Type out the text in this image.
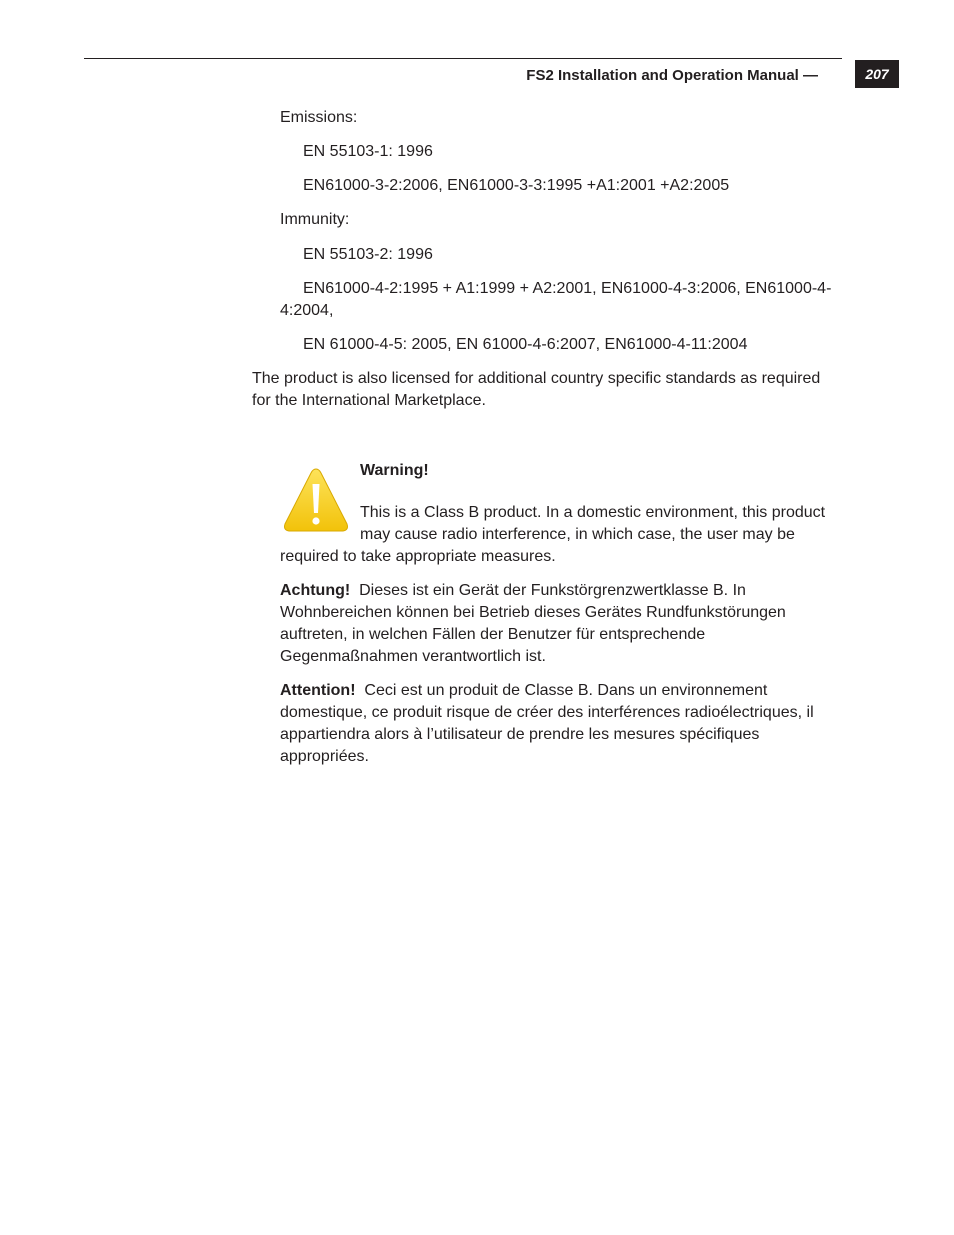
FS2 Installation and Operation Manual —	207

Emissions:

EN 55103-1: 1996

EN61000-3-2:2006, EN61000-3-3:1995 +A1:2001 +A2:2005

Immunity:

EN 55103-2: 1996

EN61000-4-2:1995 + A1:1999 + A2:2001, EN61000-4-3:2006, EN61000-4-

4:2004,

EN 61000-4-5: 2005, EN 61000-4-6:2007, EN61000-4-11:2004

The product is also licensed for additional country specific standards as required

for the International Marketplace.

Warning!

This is a Class B product. In a domestic environment, this product

may cause radio interference, in which case, the user may be

required to take appropriate measures.

Achtung! Dieses ist ein Gerät der Funkstörgrenzwertklasse B. In

Wohnbereichen können bei Betrieb dieses Gerätes Rundfunkstörungen

auftreten, in welchen Fällen der Benutzer für entsprechende

Gegenmaßnahmen verantwortlich ist.

Attention! Ceci est un produit de Classe B. Dans un environnement

domestique, ce produit risque de créer des interférences radioélectriques, il

appartiendra alors à l’utilisateur de prendre les mesures spécifiques

appropriées.
